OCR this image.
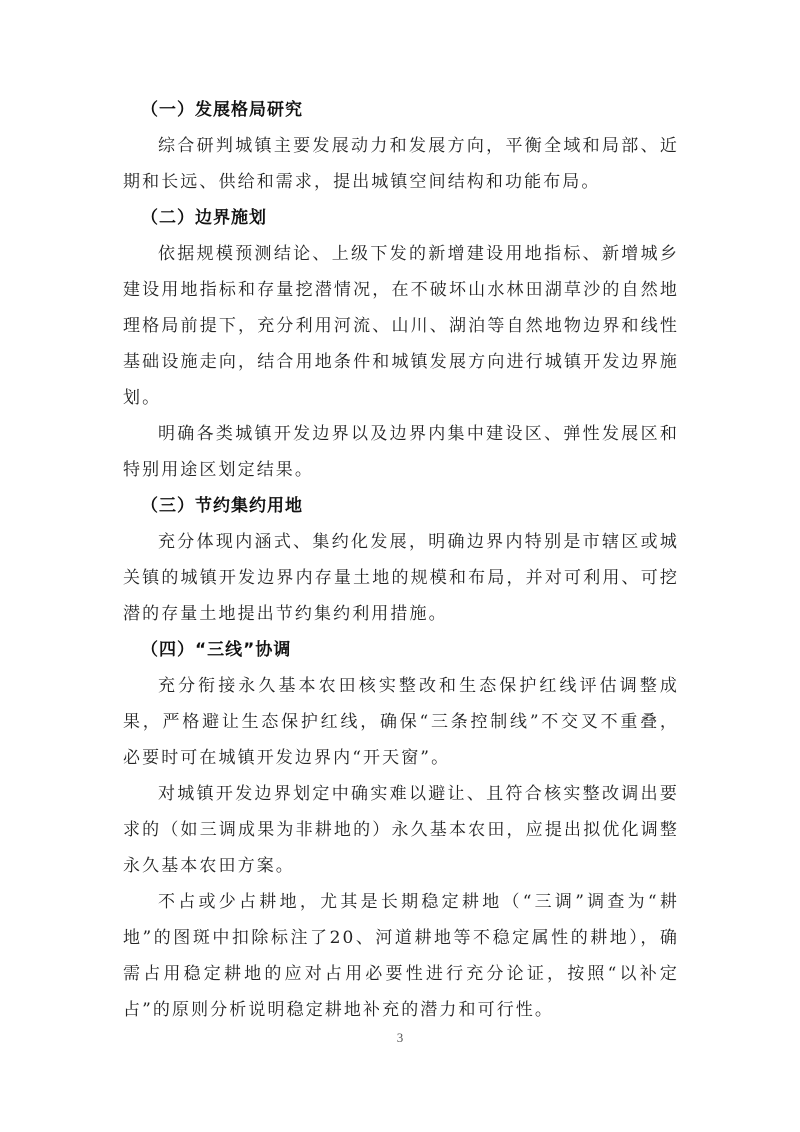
（一）发展格局研究

综合研判城镇主要发展动力和发展方向，平衡全域和局部、近期和长远、供给和需求，提出城镇空间结构和功能布局。

（二）边界施划

依据规模预测结论、上级下发的新增建设用地指标、新增城乡建设用地指标和存量挖潜情况，在不破坏山水林田湖草沙的自然地理格局前提下，充分利用河流、山川、湖泊等自然地物边界和线性基础设施走向，结合用地条件和城镇发展方向进行城镇开发边界施划。

明确各类城镇开发边界以及边界内集中建设区、弹性发展区和特别用途区划定结果。

（三）节约集约用地

充分体现内涵式、集约化发展，明确边界内特别是市辖区或城关镇的城镇开发边界内存量土地的规模和布局，并对可利用、可挖潜的存量土地提出节约集约利用措施。

（四）“三线”协调

充分衔接永久基本农田核实整改和生态保护红线评估调整成果，严格避让生态保护红线，确保“三条控制线”不交叉不重叠，必要时可在城镇开发边界内“开天窗”。

对城镇开发边界划定中确实难以避让、且符合核实整改调出要求的（如三调成果为非耕地的）永久基本农田，应提出拟优化调整永久基本农田方案。

不占或少占耕地，尤其是长期稳定耕地（“三调”调查为“耕地”的图斑中扣除标注了20、河道耕地等不稳定属性的耕地），确需占用稳定耕地的应对占用必要性进行充分论证，按照“以补定占”的原则分析说明稳定耕地补充的潜力和可行性。

3
